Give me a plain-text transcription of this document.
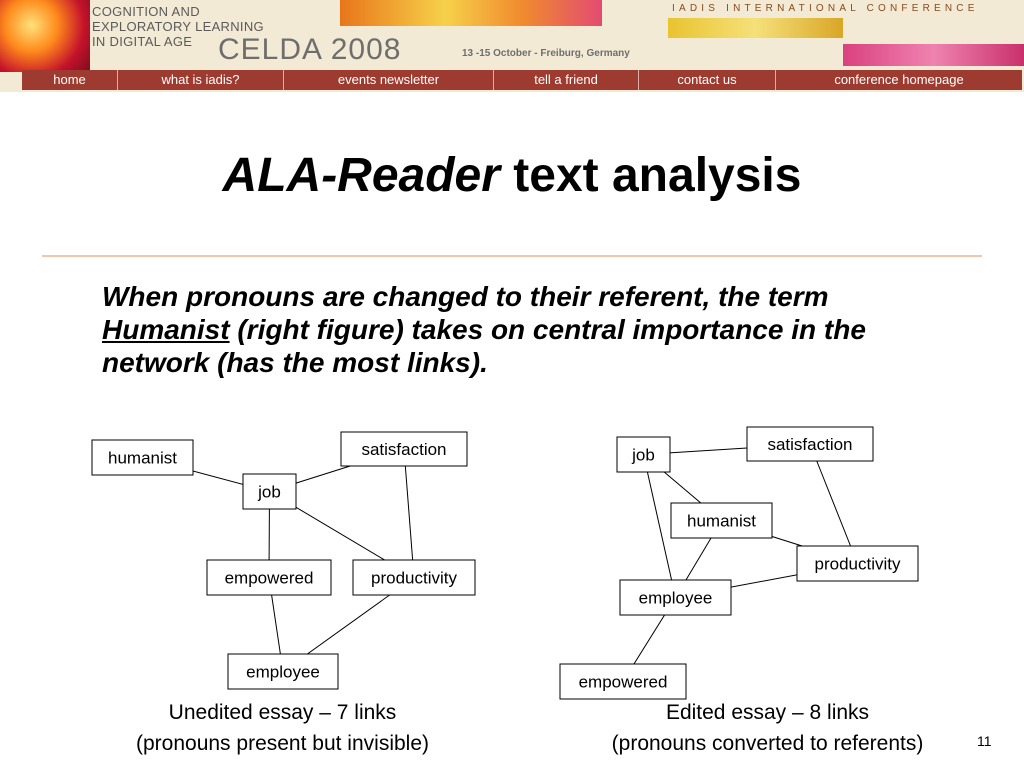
COGNITION AND
EXPLORATORY LEARNING
IN DIGITAL AGE CELDA 2008	13 -15 October - Freiburg, Germany
IADIS INTERNATIONAL CONFERENCE
home	what is iadis?	events newsletter	tell a friend	contact us	conference homepage
ALA-Reader text analysis
When pronouns are changed to their referent, the term Humanist (right figure) takes on central importance in the network (has the most links).
humanist	satisfaction
job
empowered	productivity
employee
job
satisfaction
humanist
productivity
employee
empowered
Unedited essay – 7 links
(pronouns present but invisible)
Edited essay – 8 links
(pronouns converted to referents)	11
